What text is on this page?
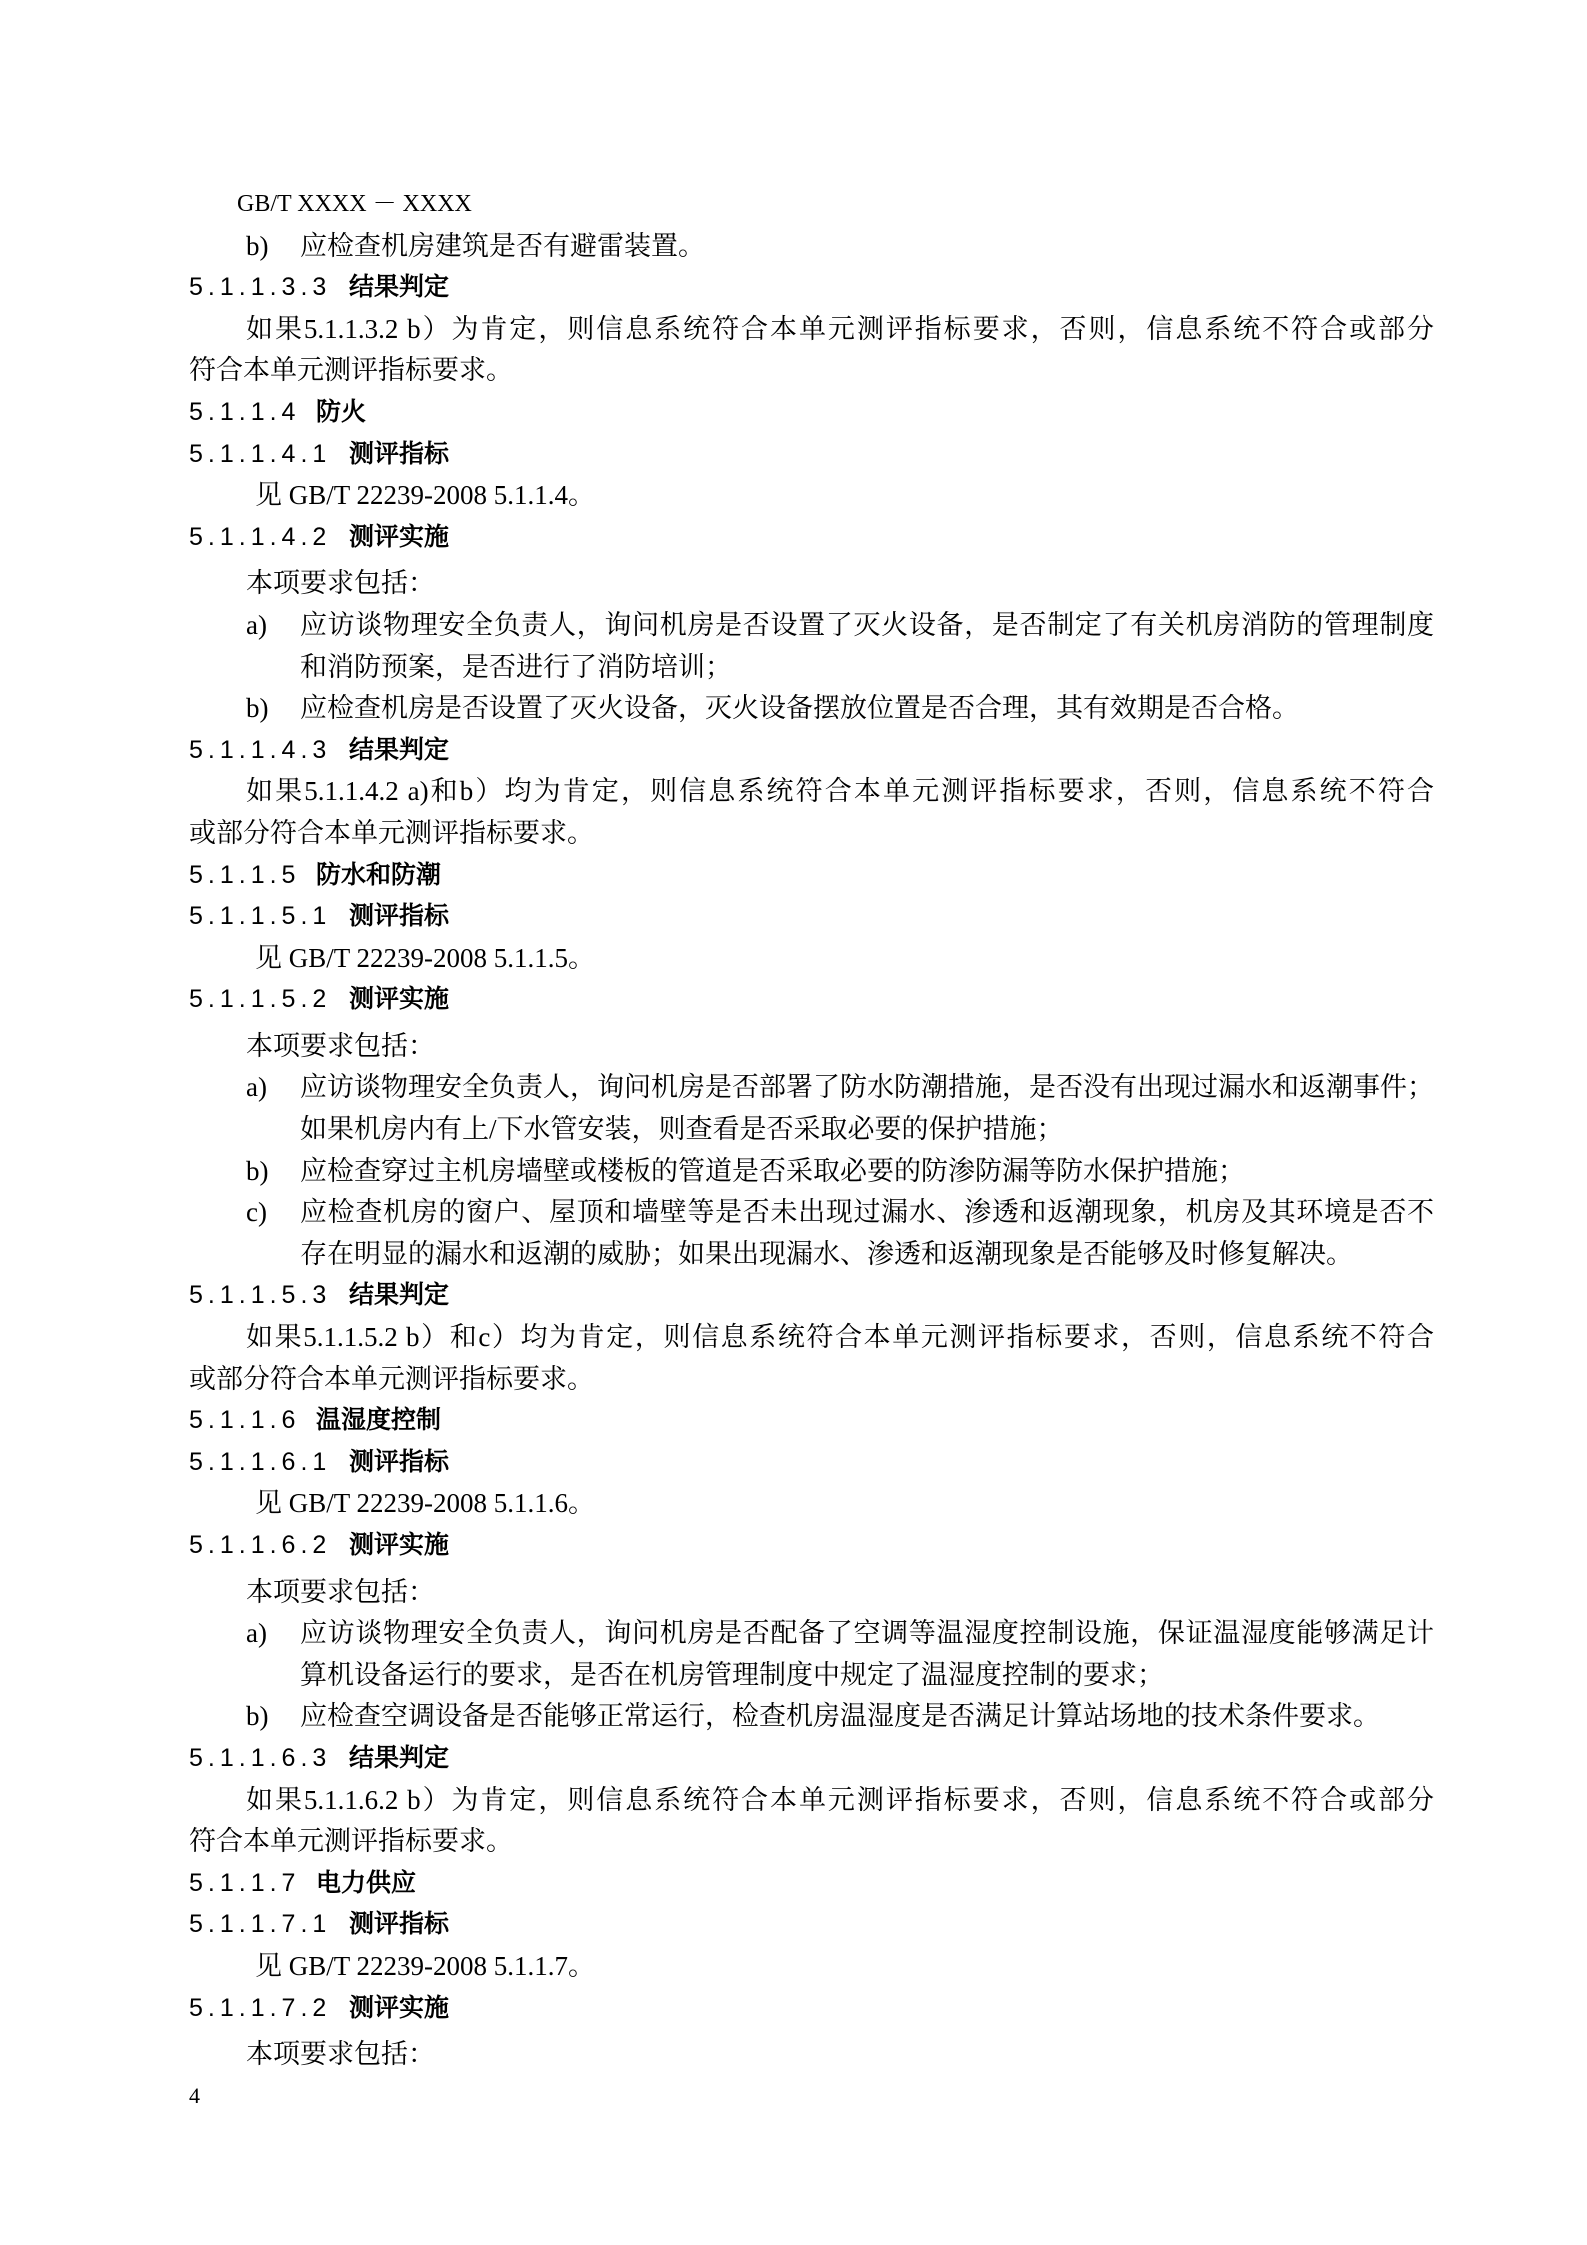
GB/T XXXX － XXXX
b) 应检查机房建筑是否有避雷装置。
5.1.1.3.3 结果判定
如果5.1.1.3.2 b）为肯定，则信息系统符合本单元测评指标要求，否则，信息系统不符合或部分
符合本单元测评指标要求。
5.1.1.4 防火
5.1.1.4.1 测评指标
见 GB/T 22239-2008 5.1.1.4。
5.1.1.4.2 测评实施
本项要求包括：
a) 应访谈物理安全负责人，询问机房是否设置了灭火设备，是否制定了有关机房消防的管理制度
和消防预案，是否进行了消防培训；
b) 应检查机房是否设置了灭火设备，灭火设备摆放位置是否合理，其有效期是否合格。
5.1.1.4.3 结果判定
如果5.1.1.4.2 a)和b）均为肯定，则信息系统符合本单元测评指标要求，否则，信息系统不符合
或部分符合本单元测评指标要求。
5.1.1.5 防水和防潮
5.1.1.5.1 测评指标
见 GB/T 22239-2008 5.1.1.5。
5.1.1.5.2 测评实施
本项要求包括：
a) 应访谈物理安全负责人，询问机房是否部署了防水防潮措施，是否没有出现过漏水和返潮事件；
如果机房内有上/下水管安装，则查看是否采取必要的保护措施；
b) 应检查穿过主机房墙壁或楼板的管道是否采取必要的防渗防漏等防水保护措施；
c) 应检查机房的窗户、屋顶和墙壁等是否未出现过漏水、渗透和返潮现象，机房及其环境是否不
存在明显的漏水和返潮的威胁；如果出现漏水、渗透和返潮现象是否能够及时修复解决。
5.1.1.5.3 结果判定
如果5.1.1.5.2 b）和c）均为肯定，则信息系统符合本单元测评指标要求，否则，信息系统不符合
或部分符合本单元测评指标要求。
5.1.1.6 温湿度控制
5.1.1.6.1 测评指标
见 GB/T 22239-2008 5.1.1.6。
5.1.1.6.2 测评实施
本项要求包括：
a) 应访谈物理安全负责人，询问机房是否配备了空调等温湿度控制设施，保证温湿度能够满足计
算机设备运行的要求，是否在机房管理制度中规定了温湿度控制的要求；
b) 应检查空调设备是否能够正常运行，检查机房温湿度是否满足计算站场地的技术条件要求。
5.1.1.6.3 结果判定
如果5.1.1.6.2 b）为肯定，则信息系统符合本单元测评指标要求，否则，信息系统不符合或部分
符合本单元测评指标要求。
5.1.1.7 电力供应
5.1.1.7.1 测评指标
见 GB/T 22239-2008 5.1.1.7。
5.1.1.7.2 测评实施
本项要求包括：
4
